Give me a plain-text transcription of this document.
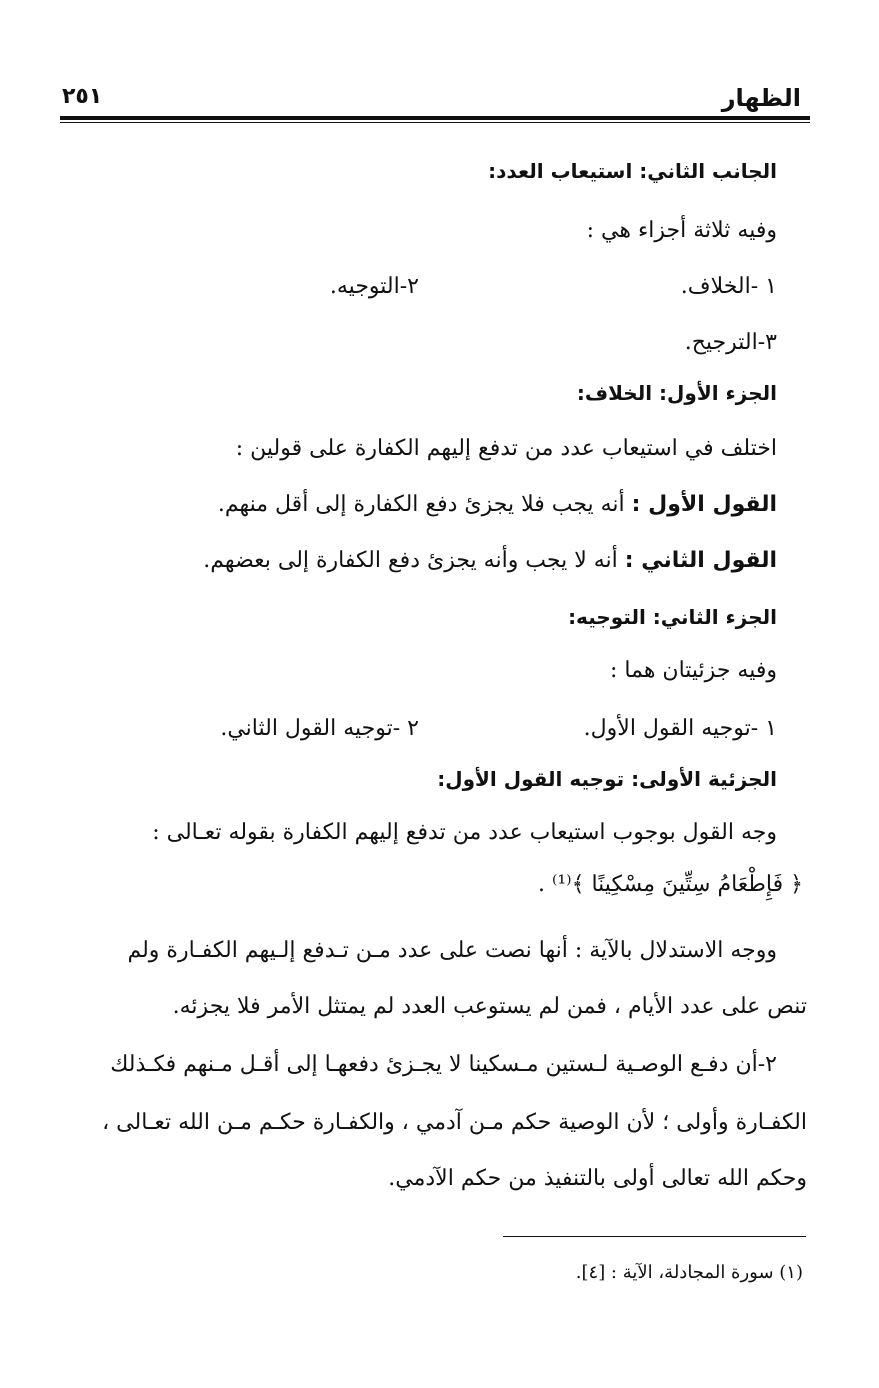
الظهار
٢٥١
الجانب الثاني: استيعاب العدد:
وفيه ثلاثة أجزاء هي :
١ -الخلاف.
٢-التوجيه.
٣-الترجيح.
الجزء الأول: الخلاف:
اختلف في استيعاب عدد من تدفع إليهم الكفارة على قولين :
القول الأول : أنه يجب فلا يجزئ دفع الكفارة إلى أقل منهم.
القول الثاني : أنه لا يجب وأنه يجزئ دفع الكفارة إلى بعضهم.
الجزء الثاني: التوجيه:
وفيه جزئيتان هما :
١ -توجيه القول الأول.
٢ -توجيه القول الثاني.
الجزئية الأولى: توجيه القول الأول:
وجه القول بوجوب استيعاب عدد من تدفع إليهم الكفارة بقوله تعـالى :
﴿ فَإِطْعَامُ سِتِّينَ مِسْكِينًا ﴾⁽¹⁾ .
ووجه الاستدلال بالآية : أنها نصت على عدد مـن تـدفع إلـيهم الكفـارة ولم
تنص على عدد الأيام ، فمن لم يستوعب العدد لم يمتثل الأمر فلا يجزئه.
٢-أن دفـع الوصـية لـستين مـسكينا لا يجـزئ دفعهـا إلى أقـل مـنهم فكـذلك
الكفـارة وأولى ؛ لأن الوصية حكم مـن آدمي ، والكفـارة حكـم مـن الله تعـالى ،
وحكم الله تعالى أولى بالتنفيذ من حكم الآدمي.
(١) سورة المجادلة، الآية : [٤].
